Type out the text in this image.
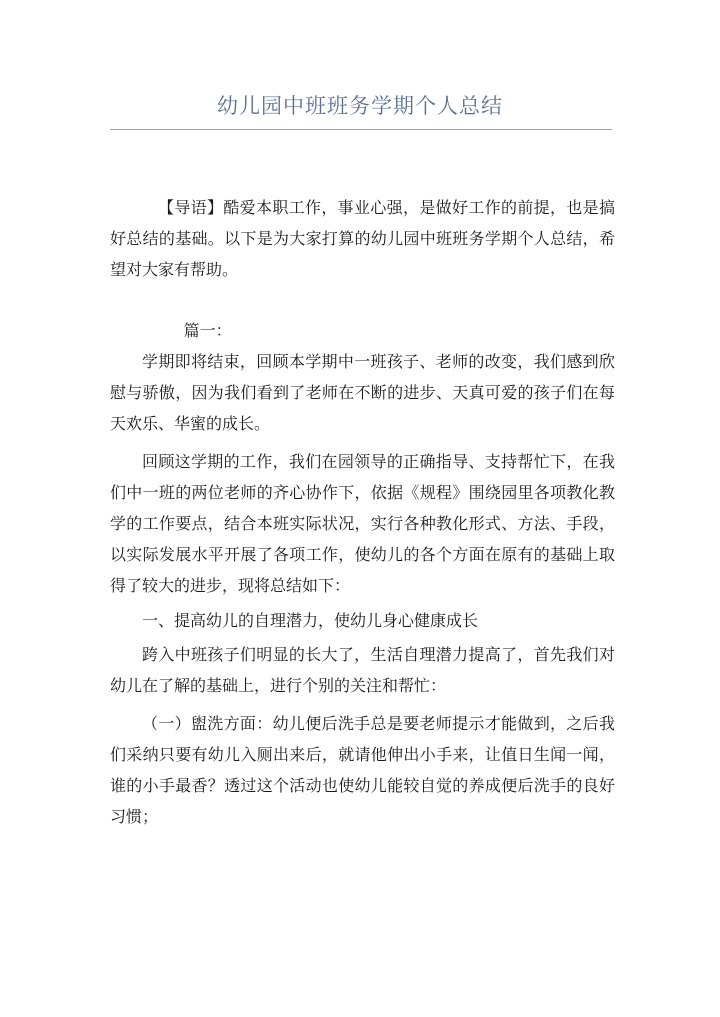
幼儿园中班班务学期个人总结

【导语】酷爱本职工作，事业心强，是做好工作的前提，也是搞好总结的基础。以下是为大家打算的幼儿园中班班务学期个人总结，希望对大家有帮助。

篇一：

学期即将结束，回顾本学期中一班孩子、老师的改变，我们感到欣慰与骄傲，因为我们看到了老师在不断的进步、天真可爱的孩子们在每天欢乐、华蜜的成长。

回顾这学期的工作，我们在园领导的正确指导、支持帮忙下，在我们中一班的两位老师的齐心协作下，依据《规程》围绕园里各项教化教学的工作要点，结合本班实际状况，实行各种教化形式、方法、手段，以实际发展水平开展了各项工作，使幼儿的各个方面在原有的基础上取得了较大的进步，现将总结如下：

一、提高幼儿的自理潜力，使幼儿身心健康成长

跨入中班孩子们明显的长大了，生活自理潜力提高了，首先我们对幼儿在了解的基础上，进行个别的关注和帮忙：

（一）盥洗方面：幼儿便后洗手总是要老师提示才能做到，之后我们采纳只要有幼儿入厕出来后，就请他伸出小手来，让值日生闻一闻，谁的小手最香？透过这个活动也使幼儿能较自觉的养成便后洗手的良好习惯；
